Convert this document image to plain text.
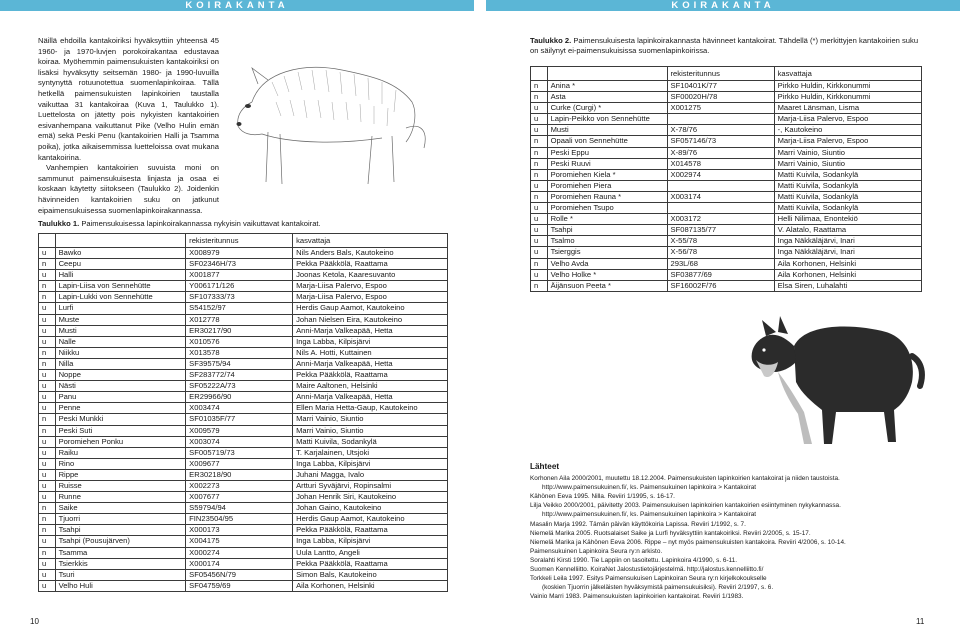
KOIRAKANTA	KOIRAKANTA

Näillä ehdoilla kantakoiriksi hyväksyttiin yhteensä 45 1960- ja 1970-luvjen porokoirakantaa edustavaa koiraa. Myöhemmin paimensukuisten kantakoiriksi on lisäksi hyväksytty seitsemän 1980- ja 1990-luvuilla syntynyttä rotuunotettua suomenlapinkoiraa. Tällä hetkellä paimensukuisten lapinkoirien taustalla vaikuttaa 31 kantakoiraa (Kuva 1, Taulukko 1). Luettelosta on jätetty pois nykyisten kantakoirien esivanhempana vaikuttanut Pike (Velho Hulin emän emä) sekä Peski Penu (kantakoirien Halli ja Tsamma poika), jotka aikaisemmissa luetteloissa ovat mukana kantakoirina.

Vanhempien kantakoirien suvuista moni on sammunut paimensukuisesta linjasta ja osaa ei koskaan käytetty siitokseen (Taulukko 2). Joidenkin hävinneiden kantakoirien suku on jatkunut eipaimensukuisessa suomenlapinkoirakannassa.

Taulukko 1. Paimensukuisessa lapinkoirakannassa nykyisin vaikuttavat kantakoirat.
		rekisteritunnus	kasvattaja
u	Bawko	X008979	Nils Anders Bals, Kautokeino
n	Ceepu	SF02346H/73	Pekka Pääkkölä, Raattama
u	Halli	X001877	Joonas Ketola, Kaaresuvanto
n	Lapin-Liisa von Sennehütte	Y006171/126	Marja-Liisa Palervo, Espoo
n	Lapin-Lukki von Sennehütte	SF107333/73	Marja-Liisa Palervo, Espoo
u	Lurfi	S54152/97	Herdis Gaup Aamot, Kautokeino
u	Muste	X012778	Johan Nielsen Eira, Kautokeino
u	Musti	ER30217/90	Anni-Marja Valkeapää, Hetta
u	Nalle	X010576	Inga Labba, Kilpisjärvi
n	Niikku	X013578	Nils A. Hotti, Kuttainen
n	Nilla	SF39575/94	Anni-Marja Valkeapää, Hetta
u	Noppe	SF283772/74	Pekka Pääkkölä, Raattama
u	Nästi	SF05222A/73	Maire Aaltonen, Helsinki
u	Panu	ER29966/90	Anni-Marja Valkeapää, Hetta
u	Penne	X003474	Ellen Maria Hetta-Gaup, Kautokeino
n	Peski Munkki	SF01035F/77	Marri Vainio, Siuntio
n	Peski Suti	X009579	Marri Vainio, Siuntio
u	Poromiehen Ponku	X003074	Matti Kuivila, Sodankylä
u	Raiku	SF005719/73	T. Karjalainen, Utsjoki
u	Rino	X009677	Inga Labba, Kilpisjärvi
u	Rippe	ER30218/90	Juhani Magga, Ivalo
u	Ruisse	X002273	Artturi Syväjärvi, Ropinsalmi
u	Runne	X007677	Johan Henrik Siri, Kautokeino
n	Saike	S59794/94	Johan Gaino, Kautokeino
n	Tjuorri	FIN23504/95	Herdis Gaup Aamot, Kautokeino
n	Tsahpi	X000173	Pekka Pääkkölä, Raattama
u	Tsahpi (Pousujärven)	X004175	Inga Labba, Kilpisjärvi
n	Tsamma	X000274	Uula Lantto, Angeli
u	Tsierkkis	X000174	Pekka Pääkkölä, Raattama
u	Tsuri	SF05456N/79	Simon Bals, Kautokeino
u	Velho Huli	SF04759/69	Aila Korhonen, Helsinki
Taulukko 2. Paimensukuisesta lapinkoirakannasta hävinneet kantakoirat. Tähdellä (*) merkittyjen kantakoirien suku on säilynyt ei-paimensukuisissa suomenlapinkoirissa.
		rekisteritunnus	kasvattaja
n	Anina *	SF10401K/77	Pirkko Huldin, Kirkkonummi
n	Asta	SF00020H/78	Pirkko Huldin, Kirkkonummi
u	Curke (Curgi) *	X001275	Maaret Länsman, Lisma
u	Lapin-Peikko von Sennehütte		Marja-Liisa Palervo, Espoo
u	Musti	X-78/76	-, Kautokeino
n	Opaali von Sennehütte	SF057146/73	Marja-Liisa Palervo, Espoo
n	Peski Eppu	X-89/76	Marri Vainio, Siuntio
n	Peski Ruuvi	X014578	Marri Vainio, Siuntio
n	Poromiehen Kiela *	X002974	Matti Kuivila, Sodankylä
u	Poromiehen Piera		Matti Kuivila, Sodankylä
n	Poromiehen Rauna *	X003174	Matti Kuivila, Sodankylä
u	Poromiehen Tsupo		Matti Kuivila, Sodankylä
u	Rolle *	X003172	Helli Nilimaa, Enontekiö
u	Tsahpi	SF087135/77	V. Alatalo, Raattama
u	Tsalmo	X-55/78	Inga Näkkäläjärvi, Inari
u	Tsierggis	X-56/78	Inga Näkkäläjärvi, Inari
n	Velho Avda	293L/68	Aila Korhonen, Helsinki
u	Velho Holke *	SF03877/69	Aila Korhonen, Helsinki
n	Äijänsuon Peeta *	SF16002F/76	Elsa Siren, Luhalahti
Lähteet

Korhonen Aila 2000/2001, muutettu 18.12.2004. Paimensukuisten lapinkoirien kantakoirat ja niiden taustoista.

http://www.paimensukuinen.fi/, ks. Paimensukuinen lapinkoira > Kantakoirat

Kähönen Eeva 1995. Nilla. Reviiri 1/1995, s. 16-17.

Lilja Veikko 2000/2001, päivitetty 2003. Paimensukuisen lapinkoirien kantakoirien esiintyminen nykykannassa.

http://www.paimensukuinen.fi/, ks. Paimensukuinen lapinkoira > Kantakoirat

Masalin Marja 1992. Tämän päivän käyttökoiria Lapissa. Reviiri 1/1992, s. 7.

Niemelä Marika 2005. Ruotsalaiset Saike ja Lurfi hyväksyttiin kantakoiriksi. Reviiri 2/2005, s. 15-17.

Niemelä Marika ja Kähönen Eeva 2006. Rippe – nyt myös paimensukuisten kantakoira. Reviiri 4/2006, s. 10-14.

Paimensukuinen Lapinkoira Seura ry:n arkisto.

Soralahti Kirsti 1990. Tie Lappiin on tasoitettu. Lapinkoira 4/1990, s. 6-11.

Suomen Kennelliitto. KoiraNet Jalostustietojärjestelmä. http://jalostus.kennelliitto.fi/

Torkkeli Leila 1997. Esitys Paimensukuisen Lapinkoiran Seura ry:n kirjelkokoukselle

(koskien Tjuorrin jälkeläisten hyväksymistä paimensukuisiksi). Reviiri 2/1997, s. 6.

Vainio Marri 1983. Paimensukuisten lapinkoirien kantakoirat. Reviiri 1/1983.

10	11
